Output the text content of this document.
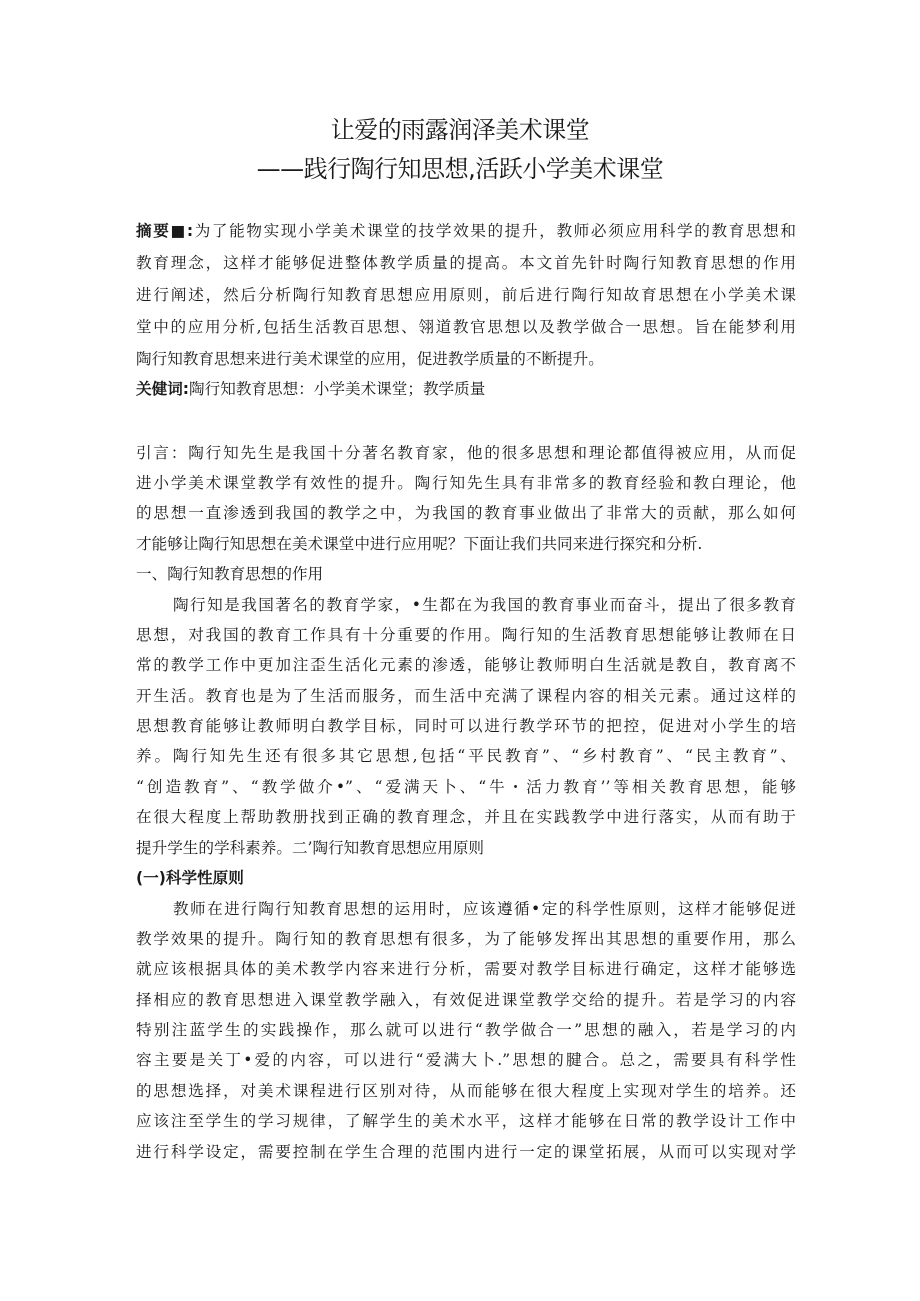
让爱的雨露润泽美术课堂
——践行陶行知思想,活跃小学美术课堂
摘要■:为了能物实现小学美术课堂的技学效果的提升，教师必须应用科学的教育思想和
教育理念，这样才能够促进整体教学质量的提高。本文首先针时陶行知教育思想的作用
进行阐述，然后分析陶行知教育思想应用原则，前后进行陶行知故育思想在小学美术课
堂中的应用分析,包括生活教百思想、翎道教官思想以及教学做合一思想。旨在能梦利用
陶行知教育思想来进行美术课堂的应用，促进教学质量的不断提升。
关健词:陶行知教育思想：小学美术课堂；教学质量
引言：陶行知先生是我国十分著名教育家，他的很多思想和理论都值得被应用，从而促
进小学美术课堂教学有效性的提升。陶行知先生具有非常多的教育经验和教白理论，他
的思想一直渗透到我国的教学之中，为我国的教育事业做出了非常大的贡献，那么如何
才能够让陶行知思想在美术课堂中进行应用呢？下面让我们共同来进行探究和分析.
一、陶行知教育思想的作用
陶行知是我国著名的教育学家，•生都在为我国的教育事业而奋斗，提出了很多教育
思想，对我国的教育工作具有十分重要的作用。陶行知的生活教育思想能够让教师在日
常的教学工作中更加注歪生活化元素的渗透，能够让教师明白生活就是教自，教育离不
开生活。教育也是为了生活而服务，而生活中充满了课程内容的相关元素。通过这样的
思想教育能够让教师明白教学目标，同时可以进行教学环节的把控，促进对小学生的培
养。陶行知先生还有很多其它思想,包括“平民教育”、“乡村教育”、“民主教育”、
“创造教育”、“教学做介•”、“爱满天卜、“牛・活力教育’’等相关教育思想，能够
在很大程度上帮助教册找到正确的教育理念，并且在实践教学中进行落实，从而有助于
提升学生的学科素养。二’陶行知教育思想应用原则
(一)科学性原则
教师在进行陶行知教育思想的运用时，应该遵循•定的科学性原则，这样才能够促迸
教学效果的提升。陶行知的教育思想有很多，为了能够发挥出其思想的重要作用，那么
就应该根据具体的美术教学内容来进行分析，需要对教学目标进行确定，这样才能够选
择相应的教育思想进入课堂教学融入，有效促进课堂教学交给的提升。若是学习的内容
特别注蓝学生的实践操作，那么就可以进行“教学做合一”思想的融入，若是学习的内
容主要是关丁•爱的内容，可以进行“爱满大卜.”思想的腱合。总之，需要具有科学性
的思想选择，对美术课程进行区别对待，从而能够在很大程度上实现对学生的培养。还
应该注至学生的学习规律，了解学生的美术水平，这样才能够在日常的教学设计工作中
进行科学设定，需要控制在学生合理的范围内进行一定的课堂拓展，从而可以实现对学
